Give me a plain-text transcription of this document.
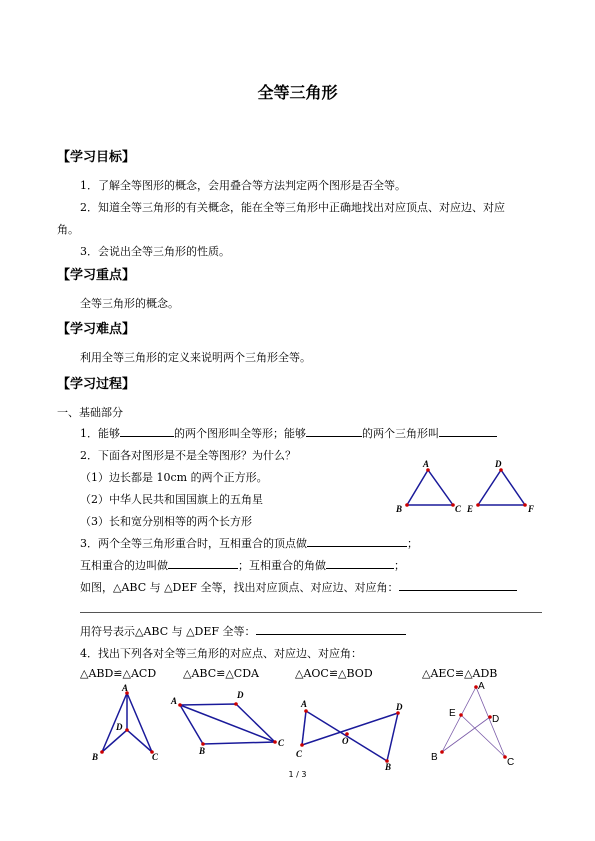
全等三角形
【学习目标】
1．了解全等图形的概念，会用叠合等方法判定两个图形是否全等。
2．知道全等三角形的有关概念，能在全等三角形中正确地找出对应顶点、对应边、对应
角。
3．会说出全等三角形的性质。
【学习重点】
全等三角形的概念。
【学习难点】
利用全等三角形的定义来说明两个三角形全等。
【学习过程】
一、基础部分
1．能够	的两个图形叫全等形；能够	的两个三角形叫
2．下面各对图形是不是全等图形？为什么？
（1）边长都是 10cm 的两个正方形。
（2）中华人民共和国国旗上的五角星
（3）长和宽分别相等的两个长方形
A
B	C
D
E	F
3．两个全等三角形重合时，互相重合的顶点做	；
互相重合的边叫做	；互相重合的角做	；
如图，△ABC 与 △DEF 全等，找出对应顶点、对应边、对应角：
用符号表示△ABC 与 △DEF 全等：
4．找出下列各对全等三角形的对应点、对应边、对应角：
△ABD≌△ACD △ABC≌△CDA	△AOC≌△BOD	△AEC≌△ADB
A
D
B	C
A
D
B
C
A	D
O
C
B
A
E
D
B	C
1 / 3
